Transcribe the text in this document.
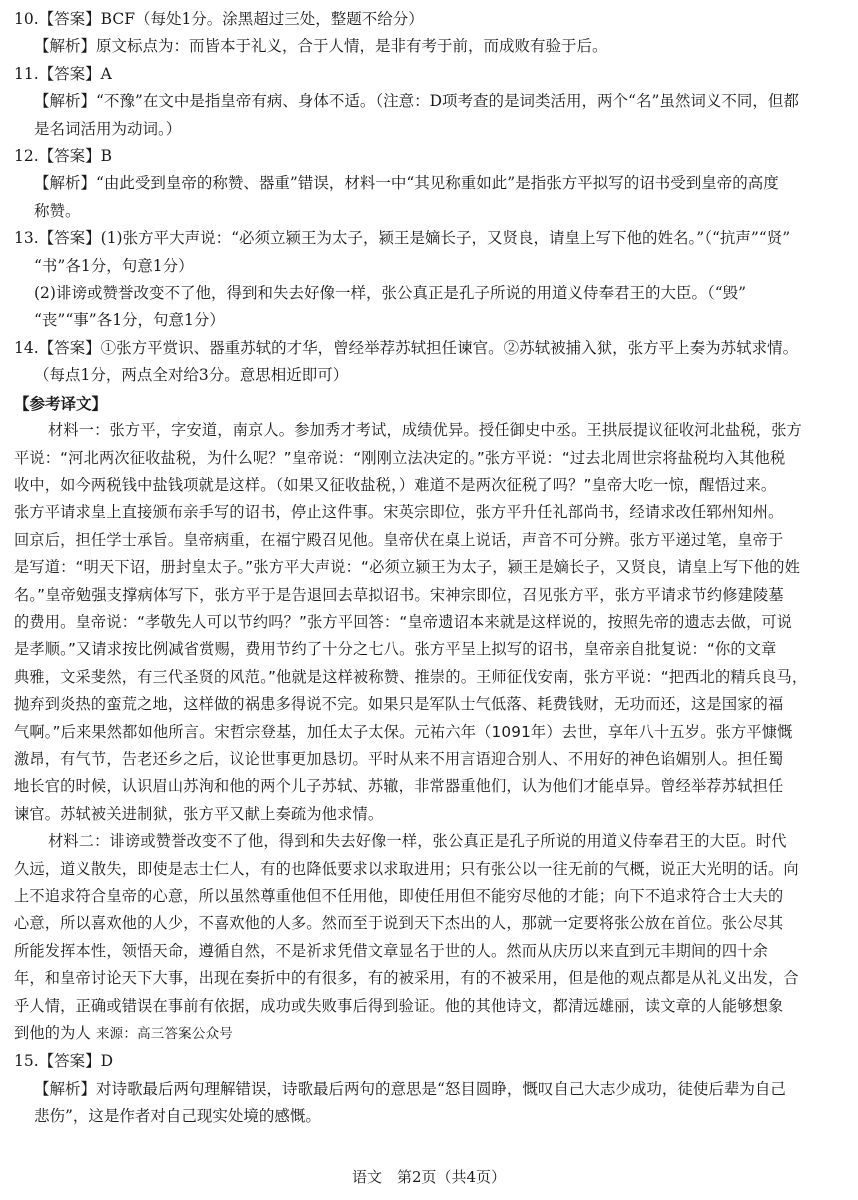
10.【答案】BCF（每处1分。涂黑超过三处，整题不给分）
【解析】原文标点为：而皆本于礼义，合于人情，是非有考于前，而成败有验于后。
11.【答案】A
【解析】“不豫”在文中是指皇帝有病、身体不适。（注意：D项考查的是词类活用，两个“名”虽然词义不同，但都
是名词活用为动词。）
12.【答案】B
【解析】“由此受到皇帝的称赞、器重”错误，材料一中“其见称重如此”是指张方平拟写的诏书受到皇帝的高度
称赞。
13.【答案】(1)张方平大声说：“必须立颍王为太子，颍王是嫡长子，又贤良，请皇上写下他的姓名。”（“抗声”“贤”
“书”各1分，句意1分）
(2)诽谤或赞誉改变不了他，得到和失去好像一样，张公真正是孔子所说的用道义侍奉君王的大臣。（“毁”
“丧”“事”各1分，句意1分）
14.【答案】①张方平赏识、器重苏轼的才华，曾经举荐苏轼担任谏官。②苏轼被捕入狱，张方平上奏为苏轼求情。
（每点1分，两点全对给3分。意思相近即可）
【参考译文】
材料一：张方平，字安道，南京人。参加秀才考试，成绩优异。授任御史中丞。王拱辰提议征收河北盐税，张方
平说：“河北两次征收盐税，为什么呢？”皇帝说：“刚刚立法决定的。”张方平说：“过去北周世宗将盐税均入其他税
收中，如今两税钱中盐钱项就是这样。（如果又征收盐税，）难道不是两次征税了吗？”皇帝大吃一惊，醒悟过来。
张方平请求皇上直接颁布亲手写的诏书，停止这件事。宋英宗即位，张方平升任礼部尚书，经请求改任郓州知州。
回京后，担任学士承旨。皇帝病重，在福宁殿召见他。皇帝伏在桌上说话，声音不可分辨。张方平递过笔，皇帝于
是写道：“明天下诏，册封皇太子。”张方平大声说：“必须立颍王为太子，颍王是嫡长子，又贤良，请皇上写下他的姓
名。”皇帝勉强支撑病体写下，张方平于是告退回去草拟诏书。宋神宗即位，召见张方平，张方平请求节约修建陵墓
的费用。皇帝说：“孝敬先人可以节约吗？”张方平回答：“皇帝遗诏本来就是这样说的，按照先帝的遗志去做，可说
是孝顺。”又请求按比例减省赏赐，费用节约了十分之七八。张方平呈上拟写的诏书，皇帝亲自批复说：“你的文章
典雅，文采斐然，有三代圣贤的风范。”他就是这样被称赞、推崇的。王师征伐安南，张方平说：“把西北的精兵良马，
抛弃到炎热的蛮荒之地，这样做的祸患多得说不完。如果只是军队士气低落、耗费钱财，无功而还，这是国家的福
气啊。”后来果然都如他所言。宋哲宗登基，加任太子太保。元祐六年（1091年）去世，享年八十五岁。张方平慷慨
激昂，有气节，告老还乡之后，议论世事更加恳切。平时从来不用言语迎合别人、不用好的神色谄媚别人。担任蜀
地长官的时候，认识眉山苏洵和他的两个儿子苏轼、苏辙，非常器重他们，认为他们才能卓异。曾经举荐苏轼担任
谏官。苏轼被关进制狱，张方平又献上奏疏为他求情。
材料二：诽谤或赞誉改变不了他，得到和失去好像一样，张公真正是孔子所说的用道义侍奉君王的大臣。时代
久远，道义散失，即使是志士仁人，有的也降低要求以求取进用；只有张公以一往无前的气概，说正大光明的话。向
上不追求符合皇帝的心意，所以虽然尊重他但不任用他，即使任用但不能穷尽他的才能；向下不追求符合士大夫的
心意，所以喜欢他的人少，不喜欢他的人多。然而至于说到天下杰出的人，那就一定要将张公放在首位。张公尽其
所能发挥本性，领悟天命，遵循自然，不是祈求凭借文章显名于世的人。然而从庆历以来直到元丰期间的四十余
年，和皇帝讨论天下大事，出现在奏折中的有很多，有的被采用，有的不被采用，但是他的观点都是从礼义出发，合
乎人情，正确或错误在事前有依据，成功或失败事后得到验证。他的其他诗文，都清远雄丽，读文章的人能够想象
到他的为人 来源：高三答案公众号
15.【答案】D
【解析】对诗歌最后两句理解错误，诗歌最后两句的意思是“怒目圆睁，慨叹自己大志少成功，徒使后辈为自己
悲伤”，这是作者对自己现实处境的感慨。
语文　第2页（共4页）
